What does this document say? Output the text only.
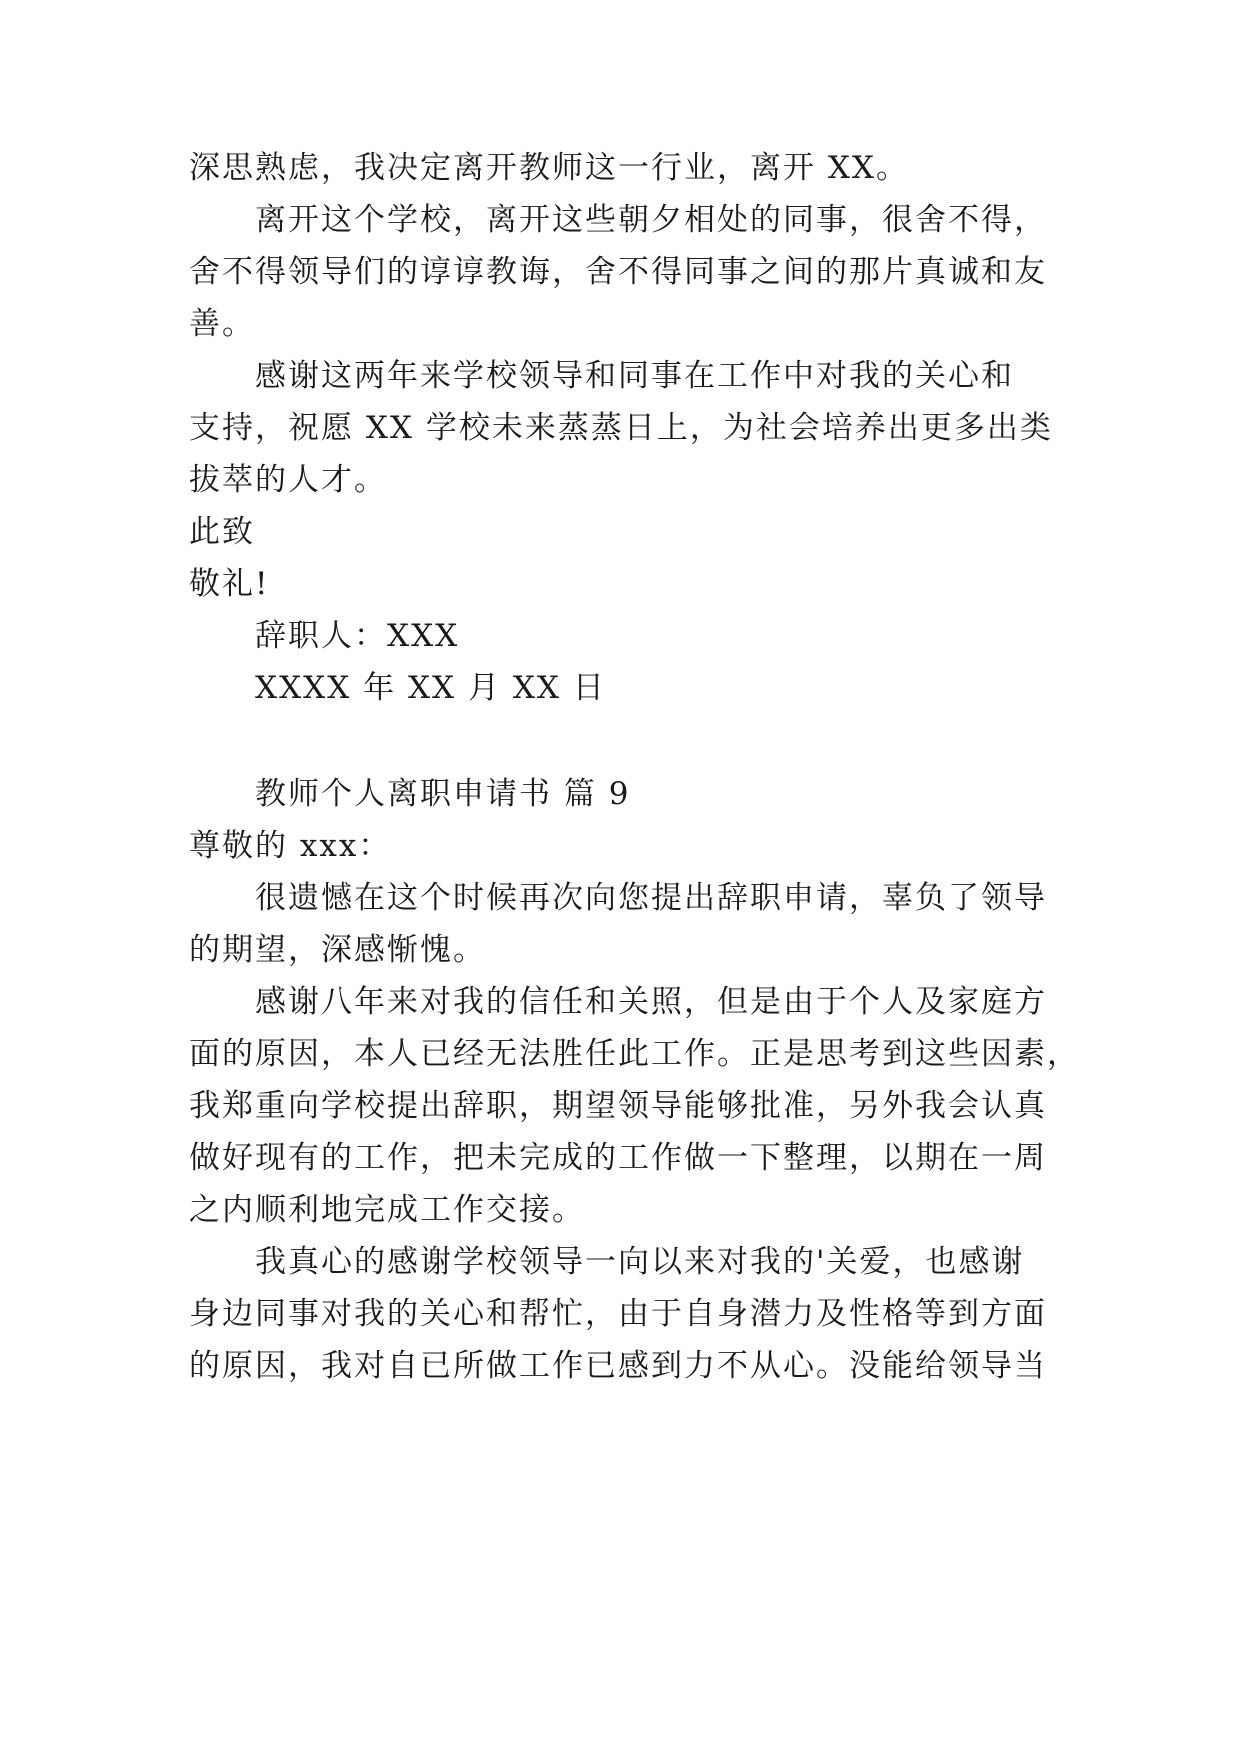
深思熟虑，我决定离开教师这一行业，离开 XX。
离开这个学校，离开这些朝夕相处的同事，很舍不得，
舍不得领导们的谆谆教诲，舍不得同事之间的那片真诚和友
善。
感谢这两年来学校领导和同事在工作中对我的关心和
支持，祝愿 XX 学校未来蒸蒸日上，为社会培养出更多出类
拔萃的人才。
此致
敬礼!
辞职人：XXX
XXXX 年 XX 月 XX 日
教师个人离职申请书 篇 9
尊敬的 xxx：
很遗憾在这个时候再次向您提出辞职申请，辜负了领导
的期望，深感惭愧。
感谢八年来对我的信任和关照，但是由于个人及家庭方
面的原因，本人已经无法胜任此工作。正是思考到这些因素，
我郑重向学校提出辞职，期望领导能够批准，另外我会认真
做好现有的工作，把未完成的工作做一下整理，以期在一周
之内顺利地完成工作交接。
我真心的感谢学校领导一向以来对我的'关爱，也感谢
身边同事对我的关心和帮忙，由于自身潜力及性格等到方面
的原因，我对自已所做工作已感到力不从心。没能给领导当
